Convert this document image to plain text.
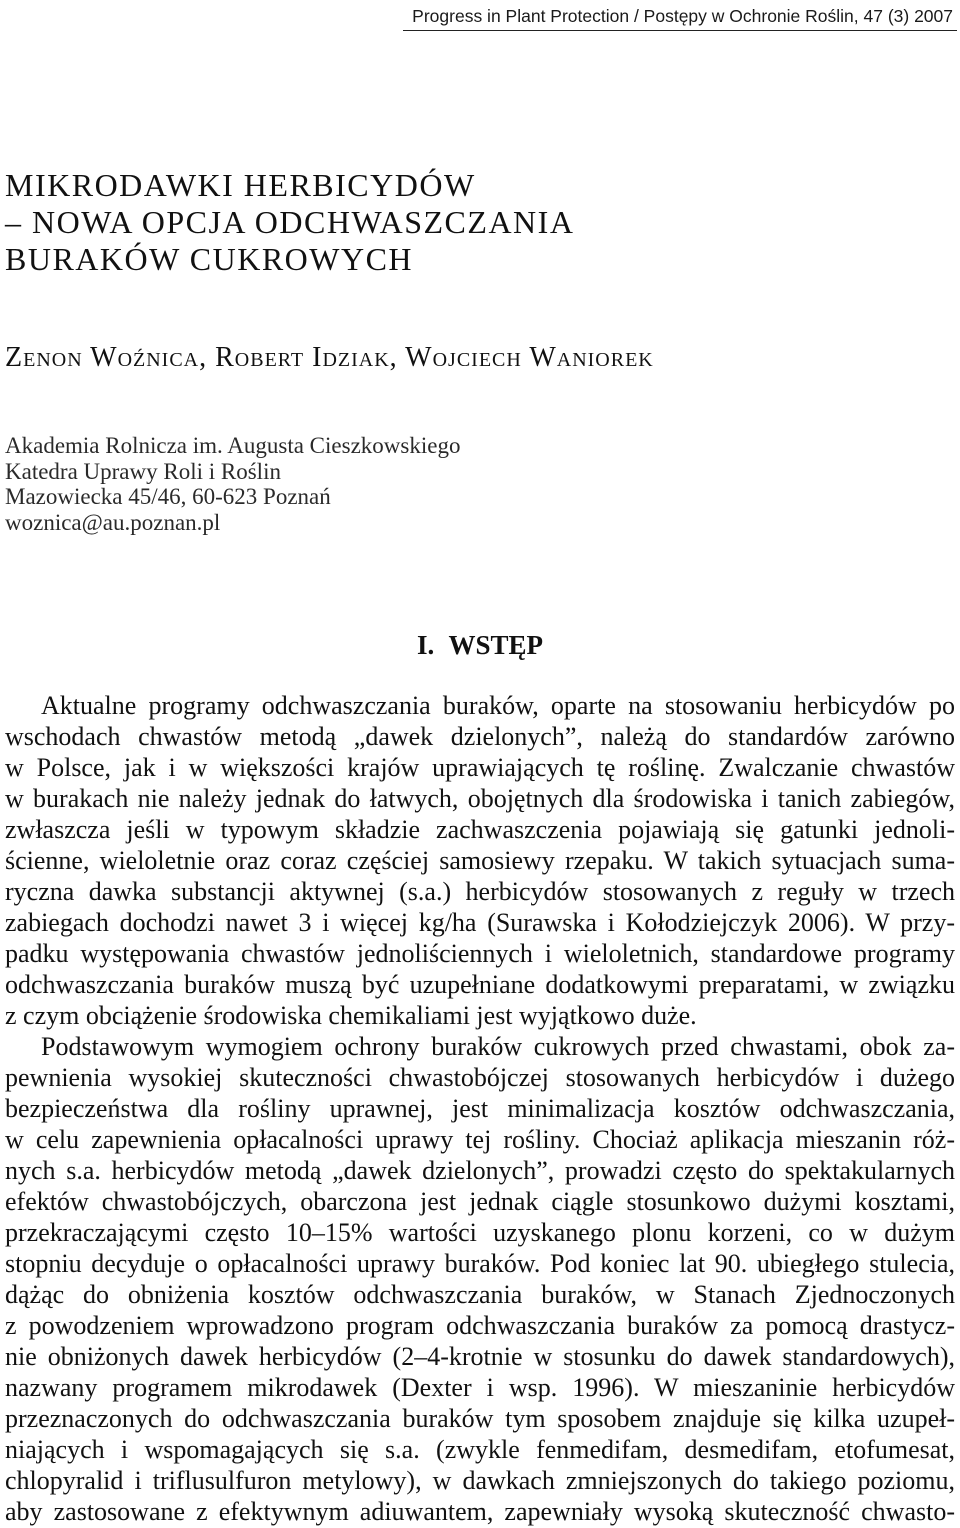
Progress in Plant Protection / Postępy w Ochronie Roślin, 47 (3) 2007
MIKRODAWKI HERBICYDÓW
– NOWA OPCJA ODCHWASZCZANIA
BURAKÓW CUKROWYCH
Zenon Woźnica, Robert Idziak, Wojciech Waniorek
Akademia Rolnicza im. Augusta Cieszkowskiego
Katedra Uprawy Roli i Roślin
Mazowiecka 45/46, 60-623 Poznań
woznica@au.poznan.pl
I. WSTĘP
Aktualne programy odchwaszczania buraków, oparte na stosowaniu herbicydów po
wschodach chwastów metodą „dawek dzielonych”, należą do standardów zarówno
w Polsce, jak i w większości krajów uprawiających tę roślinę. Zwalczanie chwastów
w burakach nie należy jednak do łatwych, obojętnych dla środowiska i tanich zabiegów,
zwłaszcza jeśli w typowym składzie zachwaszczenia pojawiają się gatunki jednoli-
ścienne, wieloletnie oraz coraz częściej samosiewy rzepaku. W takich sytuacjach suma-
ryczna dawka substancji aktywnej (s.a.) herbicydów stosowanych z reguły w trzech
zabiegach dochodzi nawet 3 i więcej kg/ha (Surawska i Kołodziejczyk 2006). W przy-
padku występowania chwastów jednoliściennych i wieloletnich, standardowe programy
odchwaszczania buraków muszą być uzupełniane dodatkowymi preparatami, w związku
z czym obciążenie środowiska chemikaliami jest wyjątkowo duże.
Podstawowym wymogiem ochrony buraków cukrowych przed chwastami, obok za-
pewnienia wysokiej skuteczności chwastobójczej stosowanych herbicydów i dużego
bezpieczeństwa dla rośliny uprawnej, jest minimalizacja kosztów odchwaszczania,
w celu zapewnienia opłacalności uprawy tej rośliny. Chociaż aplikacja mieszanin róż-
nych s.a. herbicydów metodą „dawek dzielonych”, prowadzi często do spektakularnych
efektów chwastobójczych, obarczona jest jednak ciągle stosunkowo dużymi kosztami,
przekraczającymi często 10–15% wartości uzyskanego plonu korzeni, co w dużym
stopniu decyduje o opłacalności uprawy buraków. Pod koniec lat 90. ubiegłego stulecia,
dążąc do obniżenia kosztów odchwaszczania buraków, w Stanach Zjednoczonych
z powodzeniem wprowadzono program odchwaszczania buraków za pomocą drastycz-
nie obniżonych dawek herbicydów (2–4-krotnie w stosunku do dawek standardowych),
nazwany programem mikrodawek (Dexter i wsp. 1996). W mieszaninie herbicydów
przeznaczonych do odchwaszczania buraków tym sposobem znajduje się kilka uzupeł-
niających i wspomagających się s.a. (zwykle fenmedifam, desmedifam, etofumesat,
chlopyralid i triflusulfuron metylowy), w dawkach zmniejszonych do takiego poziomu,
aby zastosowane z efektywnym adiuwantem, zapewniały wysoką skuteczność chwasto-
